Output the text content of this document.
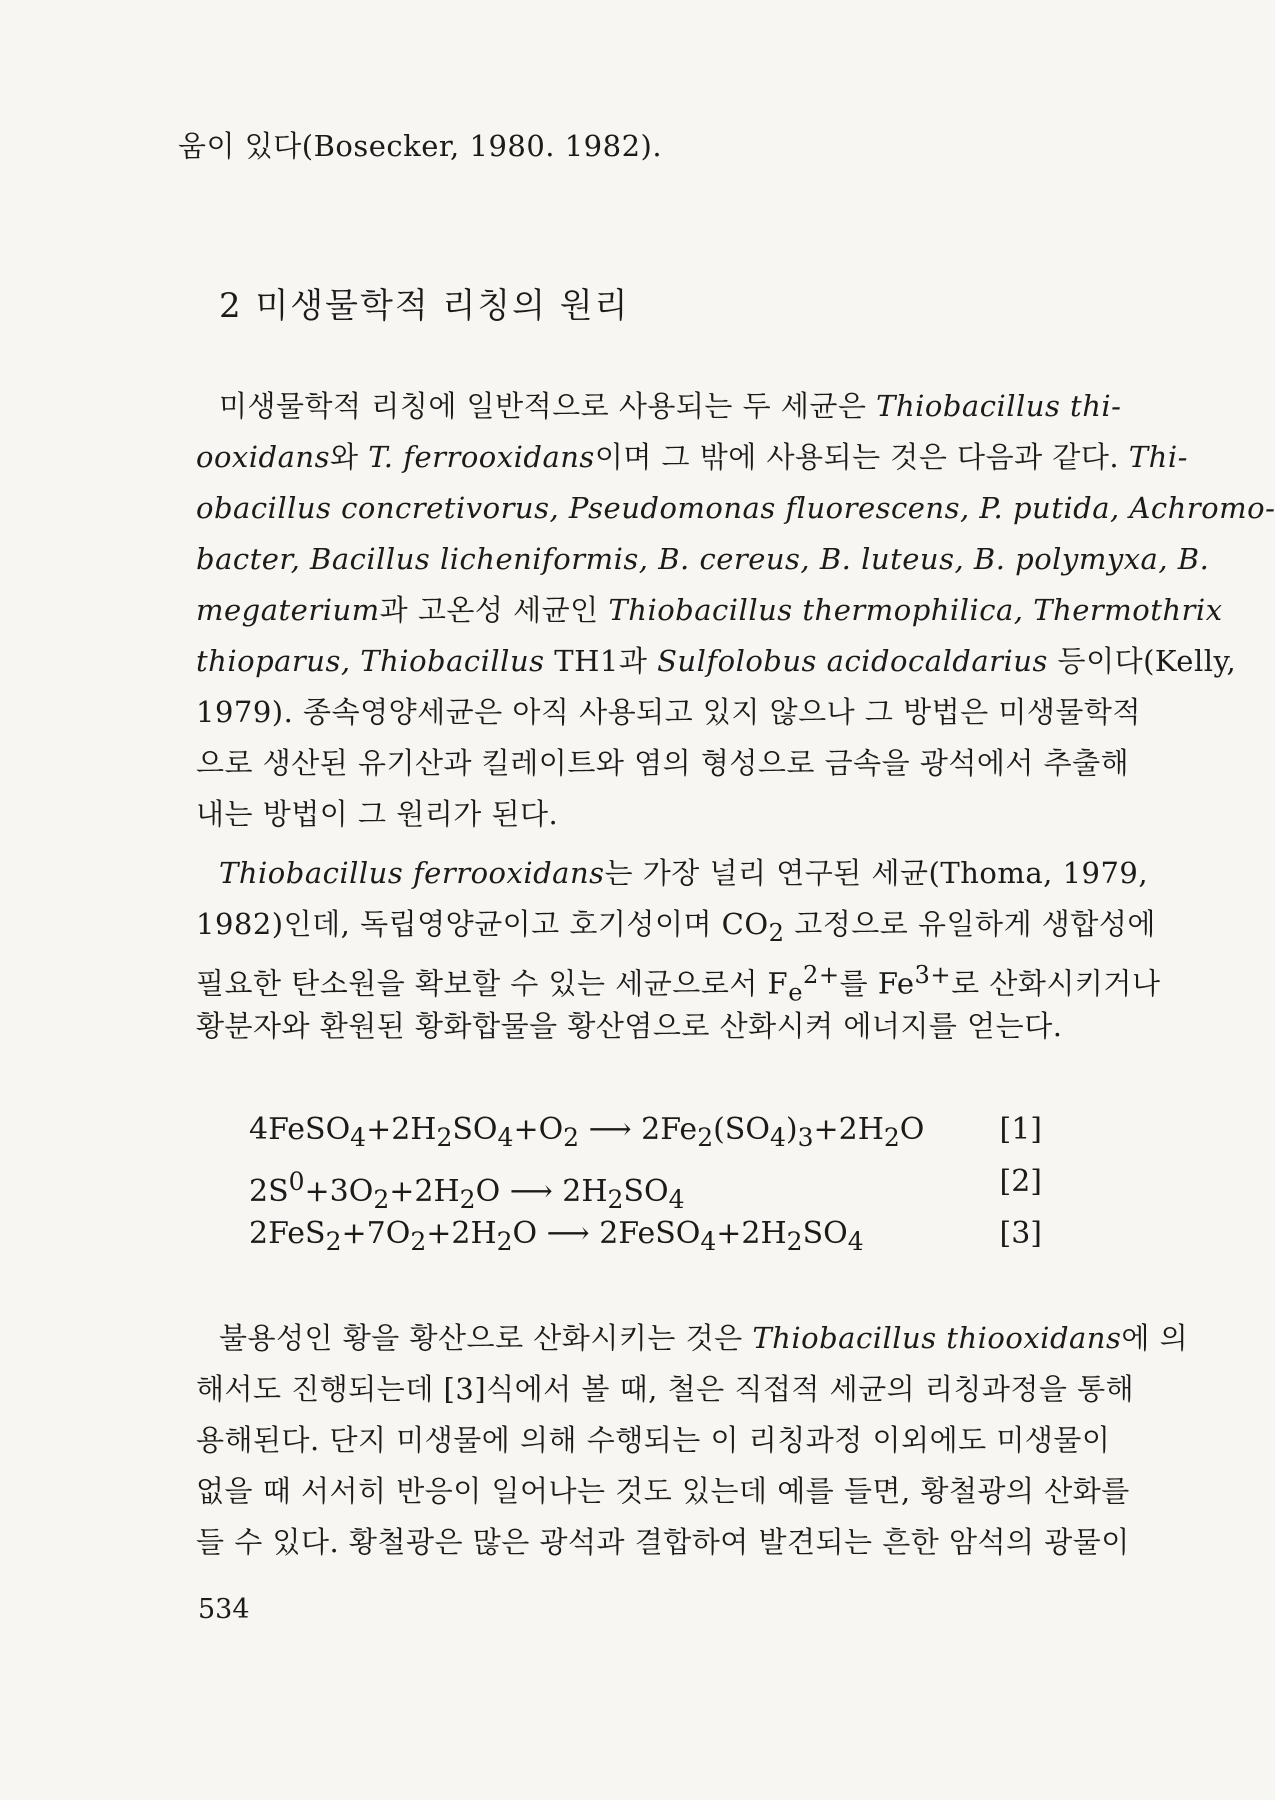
움이 있다(Bosecker, 1980. 1982).
2 미생물학적 리칭의 원리
미생물학적 리칭에 일반적으로 사용되는 두 세균은 Thiobacillus thi-
ooxidans와 T. ferrooxidans이며 그 밖에 사용되는 것은 다음과 같다. Thi-
obacillus concretivorus, Pseudomonas fluorescens, P. putida, Achromo-
bacter, Bacillus licheniformis, B. cereus, B. luteus, B. polymyxa, B.
megaterium과 고온성 세균인 Thiobacillus thermophilica, Thermothrix
thioparus, Thiobacillus TH1과 Sulfolobus acidocaldarius 등이다(Kelly,
1979). 종속영양세균은 아직 사용되고 있지 않으나 그 방법은 미생물학적
으로 생산된 유기산과 킬레이트와 염의 형성으로 금속을 광석에서 추출해
내는 방법이 그 원리가 된다.
Thiobacillus ferrooxidans는 가장 널리 연구된 세균(Thoma, 1979,
1982)인데, 독립영양균이고 호기성이며 $CO_2$ 고정으로 유일하게 생합성에
필요한 탄소원을 확보할 수 있는 세균으로서 $F_e^{2+}$를 $Fe^{3+}$로 산화시키거나
황분자와 환원된 황화합물을 황산염으로 산화시켜 에너지를 얻는다.
$4FeSO_4+2H_2SO_4+O_2$ ⟶ $2Fe_2(SO_4)_3+2H_2O$	[1]
$2S^0+3O_2+2H_2O$ ⟶ $2H_2SO_4$
[2]
$2FeS_2+7O_2+2H_2O$ ⟶ $2FeSO_4+2H_2SO_4$	[3]
불용성인 황을 황산으로 산화시키는 것은 Thiobacillus thiooxidans에 의
해서도 진행되는데 [3]식에서 볼 때, 철은 직접적 세균의 리칭과정을 통해
용해된다. 단지 미생물에 의해 수행되는 이 리칭과정 이외에도 미생물이
없을 때 서서히 반응이 일어나는 것도 있는데 예를 들면, 황철광의 산화를
들 수 있다. 황철광은 많은 광석과 결합하여 발견되는 흔한 암석의 광물이
534
